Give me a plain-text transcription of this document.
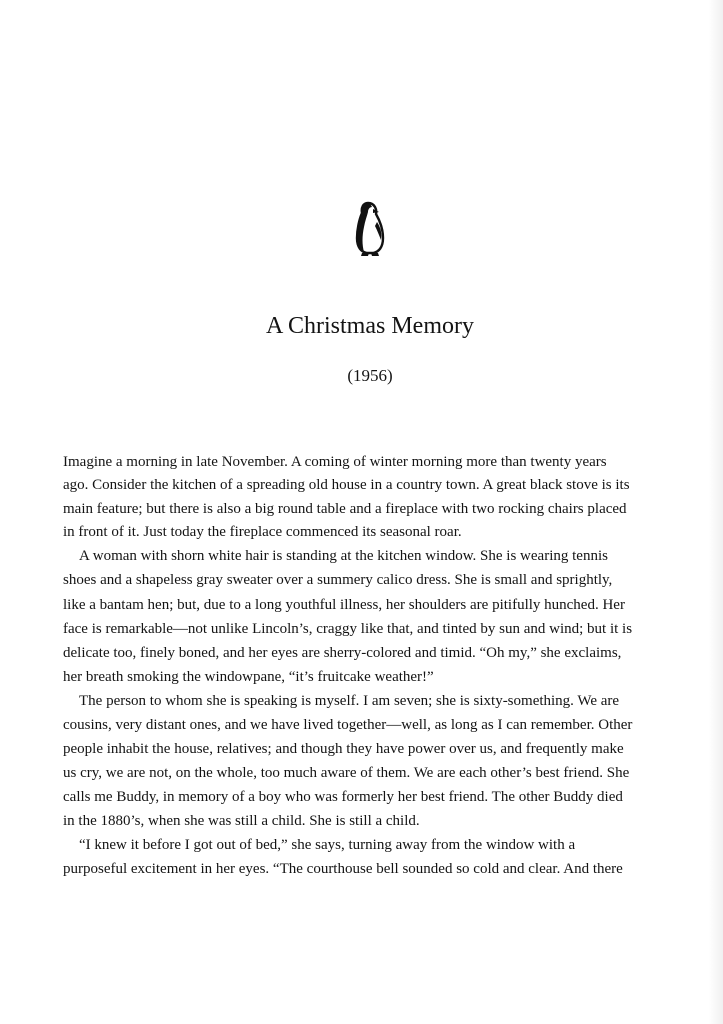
A Christmas Memory
(1956)
Imagine a morning in late November. A coming of winter morning more than twenty years
ago. Consider the kitchen of a spreading old house in a country town. A great black stove is its
main feature; but there is also a big round table and a fireplace with two rocking chairs placed
in front of it. Just today the fireplace commenced its seasonal roar.
A woman with shorn white hair is standing at the kitchen window. She is wearing tennis
shoes and a shapeless gray sweater over a summery calico dress. She is small and sprightly,
like a bantam hen; but, due to a long youthful illness, her shoulders are pitifully hunched. Her
face is remarkable—not unlike Lincoln’s, craggy like that, and tinted by sun and wind; but it is
delicate too, finely boned, and her eyes are sherry-colored and timid. “Oh my,” she exclaims,
her breath smoking the windowpane, “it’s fruitcake weather!”
The person to whom she is speaking is myself. I am seven; she is sixty-something. We are
cousins, very distant ones, and we have lived together—well, as long as I can remember. Other
people inhabit the house, relatives; and though they have power over us, and frequently make
us cry, we are not, on the whole, too much aware of them. We are each other’s best friend. She
calls me Buddy, in memory of a boy who was formerly her best friend. The other Buddy died
in the 1880’s, when she was still a child. She is still a child.
“I knew it before I got out of bed,” she says, turning away from the window with a
purposeful excitement in her eyes. “The courthouse bell sounded so cold and clear. And there
